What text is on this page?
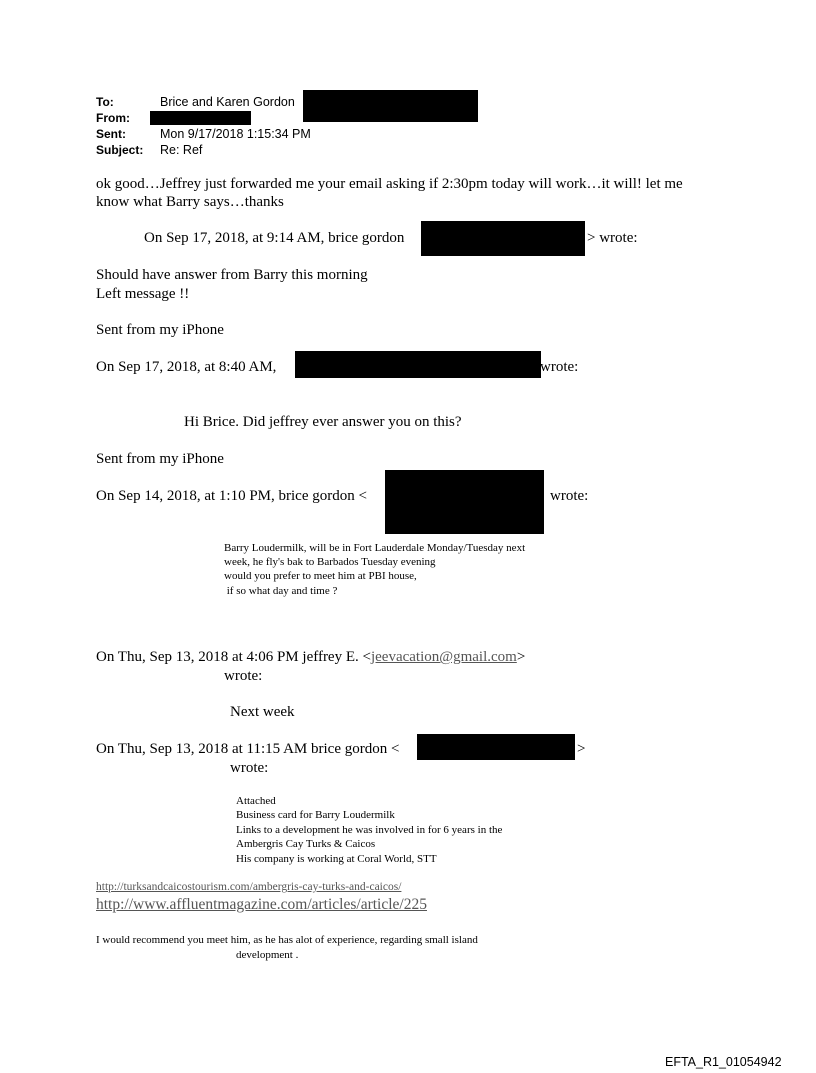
To:	Brice and Karen Gordon
From:
Sent:	Mon 9/17/2018 1:15:34 PM
Subject: Re: Ref
ok good…Jeffrey just forwarded me your email asking if 2:30pm today will work…it will! let me
know what Barry says…thanks
On Sep 17, 2018, at 9:14 AM, brice gordon	> wrote:
Should have answer from Barry this morning
Left message !!
Sent from my iPhone
On Sep 17, 2018, at 8:40 AM,	wrote:
Hi Brice. Did jeffrey ever answer you on this?
Sent from my iPhone
On Sep 14, 2018, at 1:10 PM, brice gordon <	wrote:
Barry Loudermilk, will be in Fort Lauderdale Monday/Tuesday next
week, he fly's bak to Barbados Tuesday evening
would you prefer to meet him at PBI house,
if so what day and time ?
On Thu, Sep 13, 2018 at 4:06 PM jeffrey E. <jeevacation@gmail.com>
wrote:
Next week
On Thu, Sep 13, 2018 at 11:15 AM brice gordon <	>
wrote:
Attached
Business card for Barry Loudermilk
Links to a development he was involved in for 6 years in the
Ambergris Cay Turks & Caicos
His company is working at Coral World, STT
http://turksandcaicostourism.com/ambergris-cay-turks-and-caicos/
http://www.affluentmagazine.com/articles/article/225
I would recommend you meet him, as he has alot of experience, regarding small island
development .
EFTA_R1_01054942
